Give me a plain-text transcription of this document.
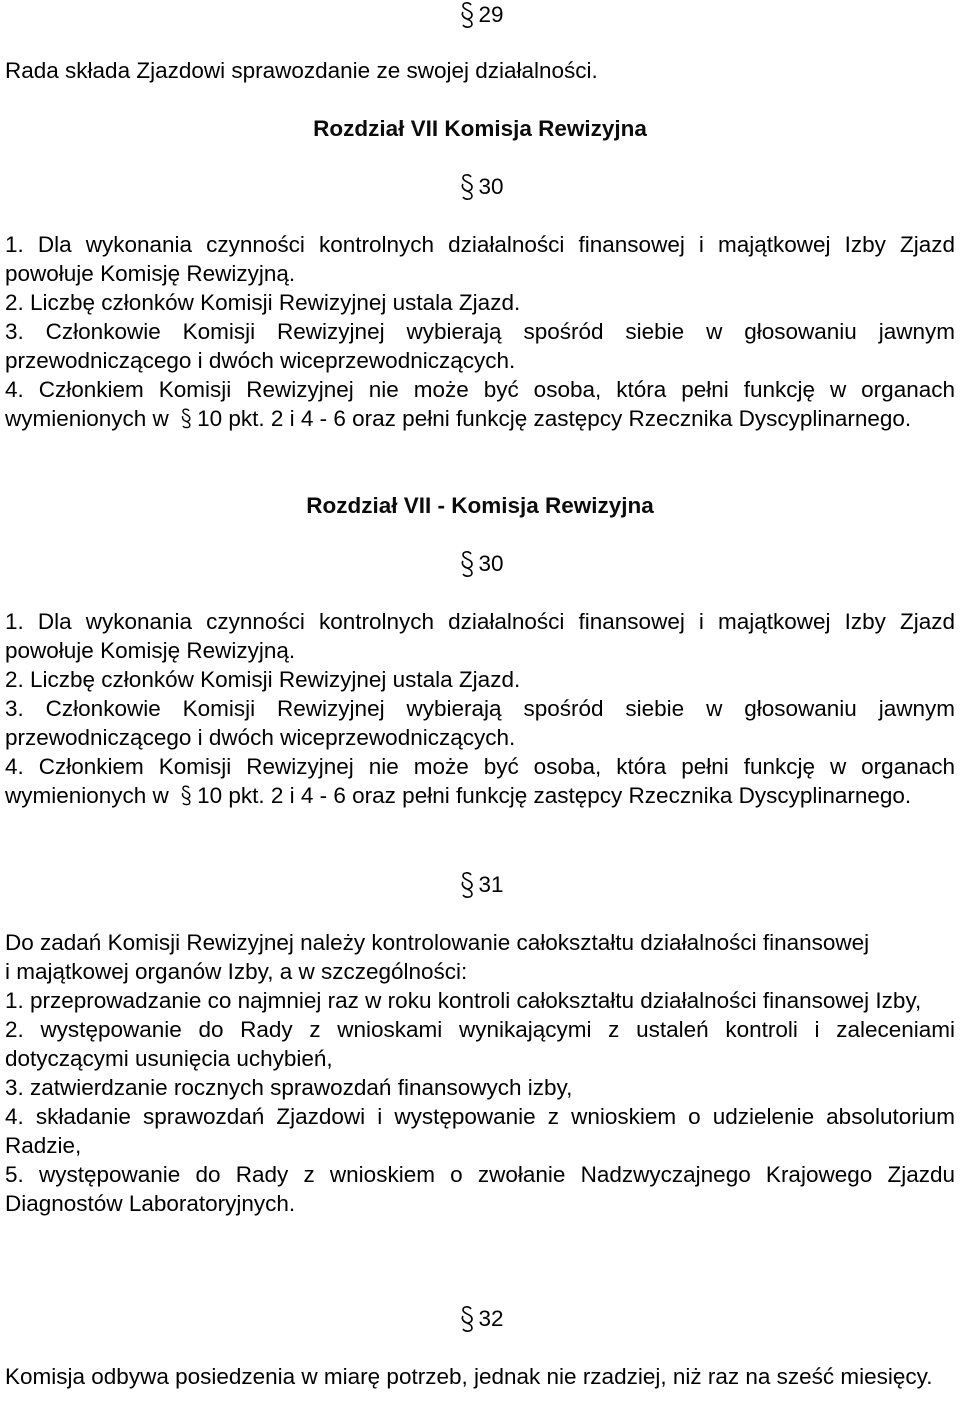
29

Rada składa Zjazdowi sprawozdanie ze swojej działalności.

Rozdział VII Komisja Rewizyjna

30

1. Dla wykonania czynności kontrolnych działalności finansowej i majątkowej Izby Zjazd powołuje Komisję Rewizyjną.

2. Liczbę członków Komisji Rewizyjnej ustala Zjazd.

3. Członkowie Komisji Rewizyjnej wybierają spośród siebie w głosowaniu jawnym przewodniczącego i dwóch wiceprzewodniczących.

4. Członkiem Komisji Rewizyjnej nie może być osoba, która pełni funkcję w organach wymienionych w 10 pkt. 2 i 4 - 6 oraz pełni funkcję zastępcy Rzecznika Dyscyplinarnego.

Rozdział VII - Komisja Rewizyjna

30

1. Dla wykonania czynności kontrolnych działalności finansowej i majątkowej Izby Zjazd powołuje Komisję Rewizyjną.

2. Liczbę członków Komisji Rewizyjnej ustala Zjazd.

3. Członkowie Komisji Rewizyjnej wybierają spośród siebie w głosowaniu jawnym przewodniczącego i dwóch wiceprzewodniczących.

4. Członkiem Komisji Rewizyjnej nie może być osoba, która pełni funkcję w organach wymienionych w 10 pkt. 2 i 4 - 6 oraz pełni funkcję zastępcy Rzecznika Dyscyplinarnego.

31

Do zadań Komisji Rewizyjnej należy kontrolowanie całokształtu działalności finansowej

i majątkowej organów Izby, a w szczególności:

1. przeprowadzanie co najmniej raz w roku kontroli całokształtu działalności finansowej Izby,

2. występowanie do Rady z wnioskami wynikającymi z ustaleń kontroli i zaleceniami dotyczącymi usunięcia uchybień,

3. zatwierdzanie rocznych sprawozdań finansowych izby,

4. składanie sprawozdań Zjazdowi i występowanie z wnioskiem o udzielenie absolutorium Radzie,

5. występowanie do Rady z wnioskiem o zwołanie Nadzwyczajnego Krajowego Zjazdu Diagnostów Laboratoryjnych.

32

Komisja odbywa posiedzenia w miarę potrzeb, jednak nie rzadziej, niż raz na sześć miesięcy.
